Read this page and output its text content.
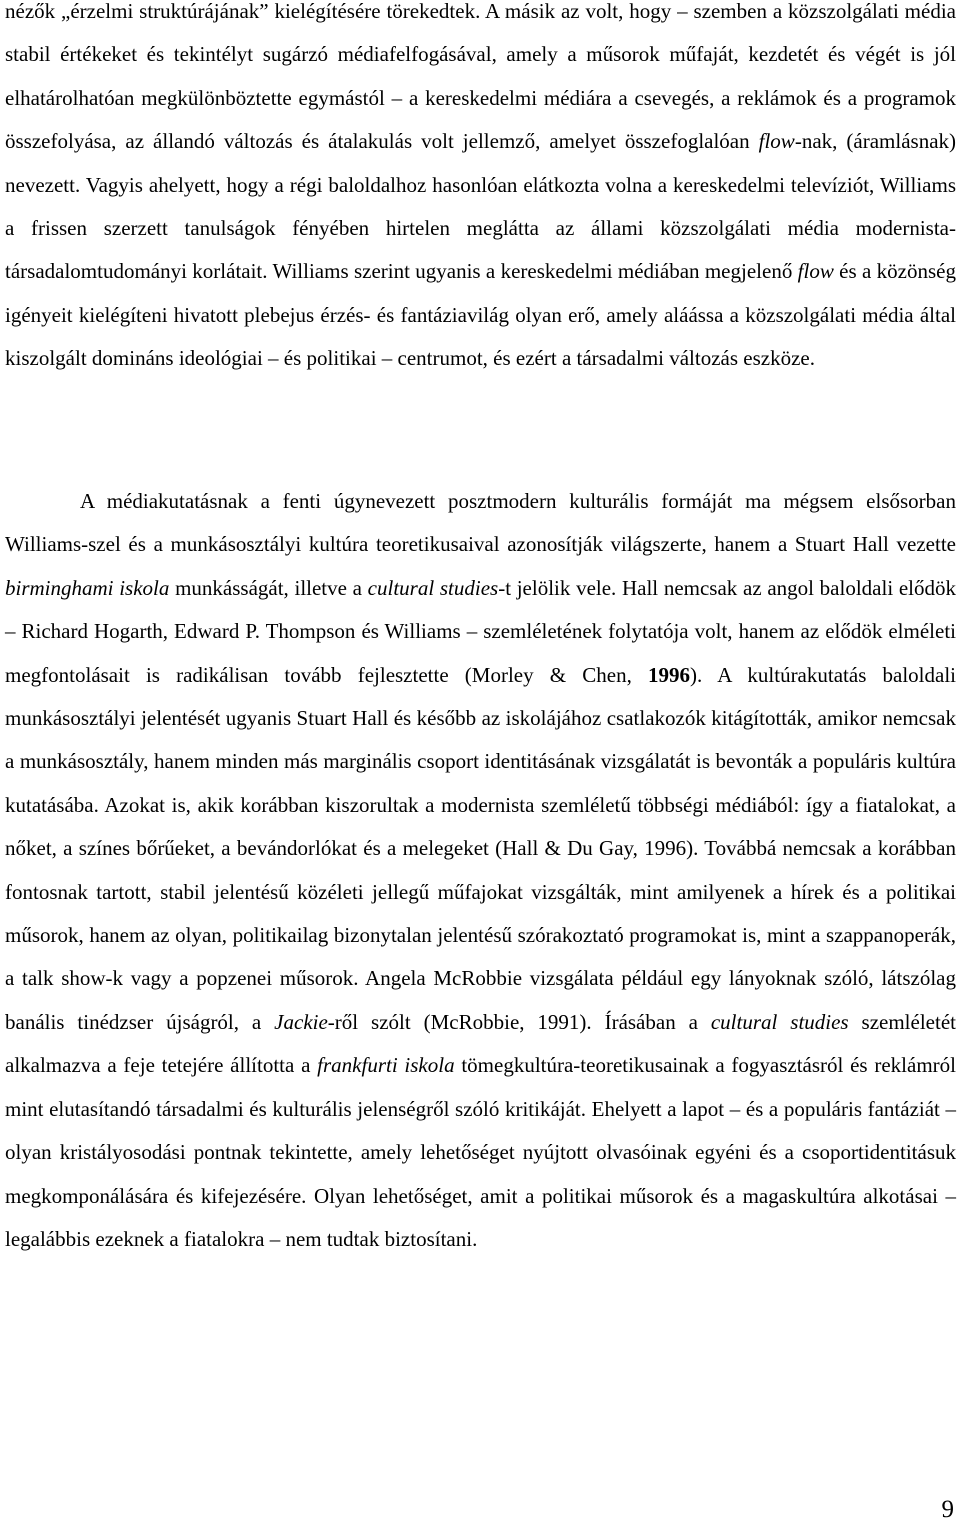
nézők „érzelmi struktúrájának” kielégítésére törekedtek. A másik az volt, hogy – szemben a közszolgálati média stabil értékeket és tekintélyt sugárzó médiafelfogásával, amely a műsorok műfaját, kezdetét és végét is jól elhatárolhatóan megkülönböztette egymástól – a kereskedelmi médiára a csevegés, a reklámok és a programok összefolyása, az állandó változás és átalakulás volt jellemző, amelyet összefoglalóan flow-nak, (áramlásnak) nevezett. Vagyis ahelyett, hogy a régi baloldalhoz hasonlóan elátkozta volna a kereskedelmi televíziót, Williams a frissen szerzett tanulságok fényében hirtelen meglátta az állami közszolgálati média modernista-társadalomtudományi korlátait. Williams szerint ugyanis a kereskedelmi médiában megjelenő flow és a közönség igényeit kielégíteni hivatott plebejus érzés- és fantáziavilág olyan erő, amely aláássa a közszolgálati média által kiszolgált domináns ideológiai – és politikai – centrumot, és ezért a társadalmi változás eszköze.

A médiakutatásnak a fenti úgynevezett posztmodern kulturális formáját ma mégsem elsősorban Williams-szel és a munkásosztályi kultúra teoretikusaival azonosítják világszerte, hanem a Stuart Hall vezette birminghami iskola munkásságát, illetve a cultural studies-t jelölik vele. Hall nemcsak az angol baloldali elődök – Richard Hogarth, Edward P. Thompson és Williams – szemléletének folytatója volt, hanem az elődök elméleti megfontolásait is radikálisan tovább fejlesztette (Morley & Chen, 1996). A kultúrakutatás baloldali munkásosztályi jelentését ugyanis Stuart Hall és később az iskolájához csatlakozók kitágították, amikor nemcsak a munkásosztály, hanem minden más marginális csoport identitásának vizsgálatát is bevonták a populáris kultúra kutatásába. Azokat is, akik korábban kiszorultak a modernista szemléletű többségi médiából: így a fiatalokat, a nőket, a színes bőrűeket, a bevándorlókat és a melegeket (Hall & Du Gay, 1996). Továbbá nemcsak a korábban fontosnak tartott, stabil jelentésű közéleti jellegű műfajokat vizsgálták, mint amilyenek a hírek és a politikai műsorok, hanem az olyan, politikailag bizonytalan jelentésű szórakoztató programokat is, mint a szappanoperák, a talk show-k vagy a popzenei műsorok. Angela McRobbie vizsgálata például egy lányoknak szóló, látszólag banális tinédzser újságról, a Jackie-ről szólt (McRobbie, 1991). Írásában a cultural studies szemléletét alkalmazva a feje tetejére állította a frankfurti iskola tömegkultúra-teoretikusainak a fogyasztásról és reklámról mint elutasítandó társadalmi és kulturális jelenségről szóló kritikáját. Ehelyett a lapot – és a populáris fantáziát – olyan kristályosodási pontnak tekintette, amely lehetőséget nyújtott olvasóinak egyéni és a csoportidentitásuk megkomponálására és kifejezésére. Olyan lehetőséget, amit a politikai műsorok és a magaskultúra alkotásai – legalábbis ezeknek a fiatalokra – nem tudtak biztosítani.

9
